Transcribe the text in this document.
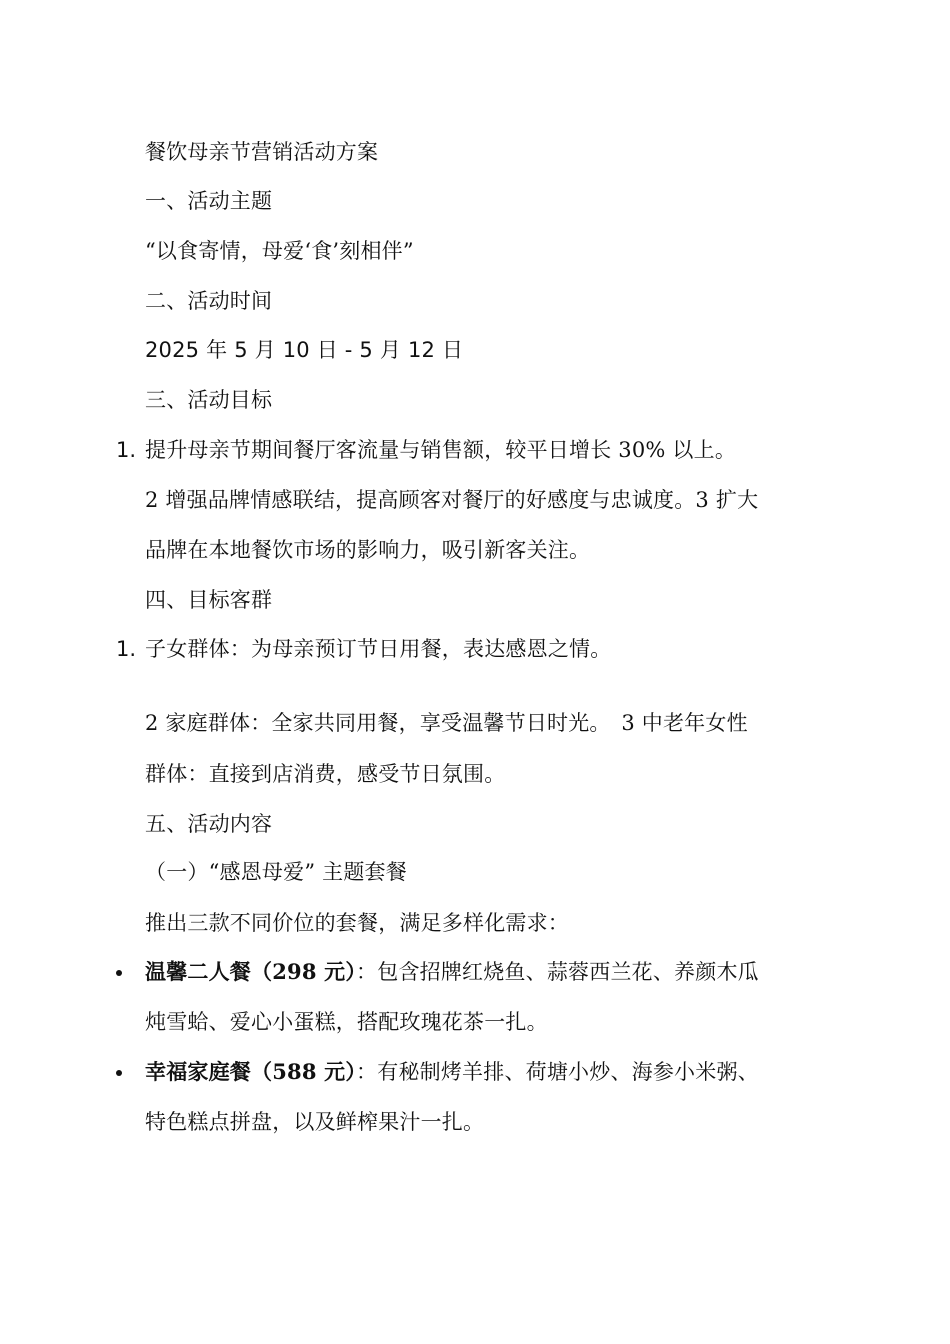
餐饮母亲节营销活动方案
一、活动主题
“以食寄情，母爱‘食’刻相伴”
二、活动时间
2025 年 5 月 10 日 - 5 月 12 日
三、活动目标
1. 提升母亲节期间餐厅客流量与销售额，较平日增长 30% 以上。
2 增强品牌情感联结，提高顾客对餐厅的好感度与忠诚度。3 扩大
品牌在本地餐饮市场的影响力，吸引新客关注。
四、目标客群
1. 子女群体：为母亲预订节日用餐，表达感恩之情。
2 家庭群体：全家共同用餐，享受温馨节日时光。　3 中老年女性
群体：直接到店消费，感受节日氛围。
五、活动内容
（一）“感恩母爱” 主题套餐
推出三款不同价位的套餐，满足多样化需求：
温馨二人餐（298 元）：包含招牌红烧鱼、蒜蓉西兰花、养颜木瓜
炖雪蛤、爱心小蛋糕，搭配玫瑰花茶一扎。
幸福家庭餐（588 元）：有秘制烤羊排、荷塘小炒、海参小米粥、
特色糕点拼盘，以及鲜榨果汁一扎。
